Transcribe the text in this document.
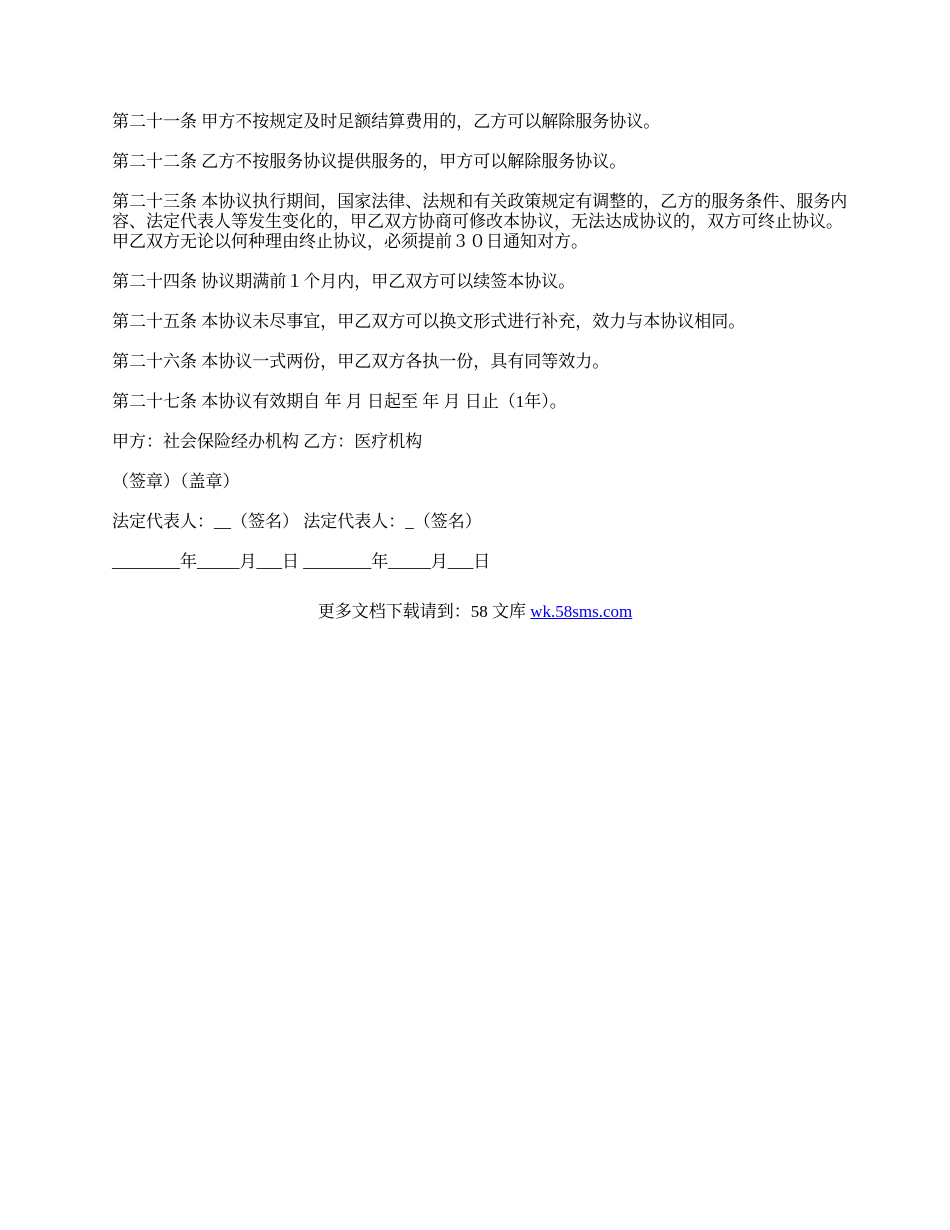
第二十一条 甲方不按规定及时足额结算费用的，乙方可以解除服务协议。

第二十二条 乙方不按服务协议提供服务的，甲方可以解除服务协议。

第二十三条 本协议执行期间，国家法律、法规和有关政策规定有调整的，乙方的服务条件、服务内容、法定代表人等发生变化的，甲乙双方协商可修改本协议，无法达成协议的，双方可终止协议。甲乙双方无论以何种理由终止协议，必须提前３０日通知对方。

第二十四条 协议期满前１个月内，甲乙双方可以续签本协议。

第二十五条 本协议未尽事宜，甲乙双方可以换文形式进行补充，效力与本协议相同。

第二十六条 本协议一式两份，甲乙双方各执一份，具有同等效力。

第二十七条 本协议有效期自 年 月 日起至 年 月 日止（1年）。

甲方：社会保险经办机构 乙方：医疗机构

（签章）（盖章）

法定代表人：__（签名） 法定代表人：_（签名）

________年_____月___日 ________年_____月___日

更多文档下载请到：58 文库 wk.58sms.com
